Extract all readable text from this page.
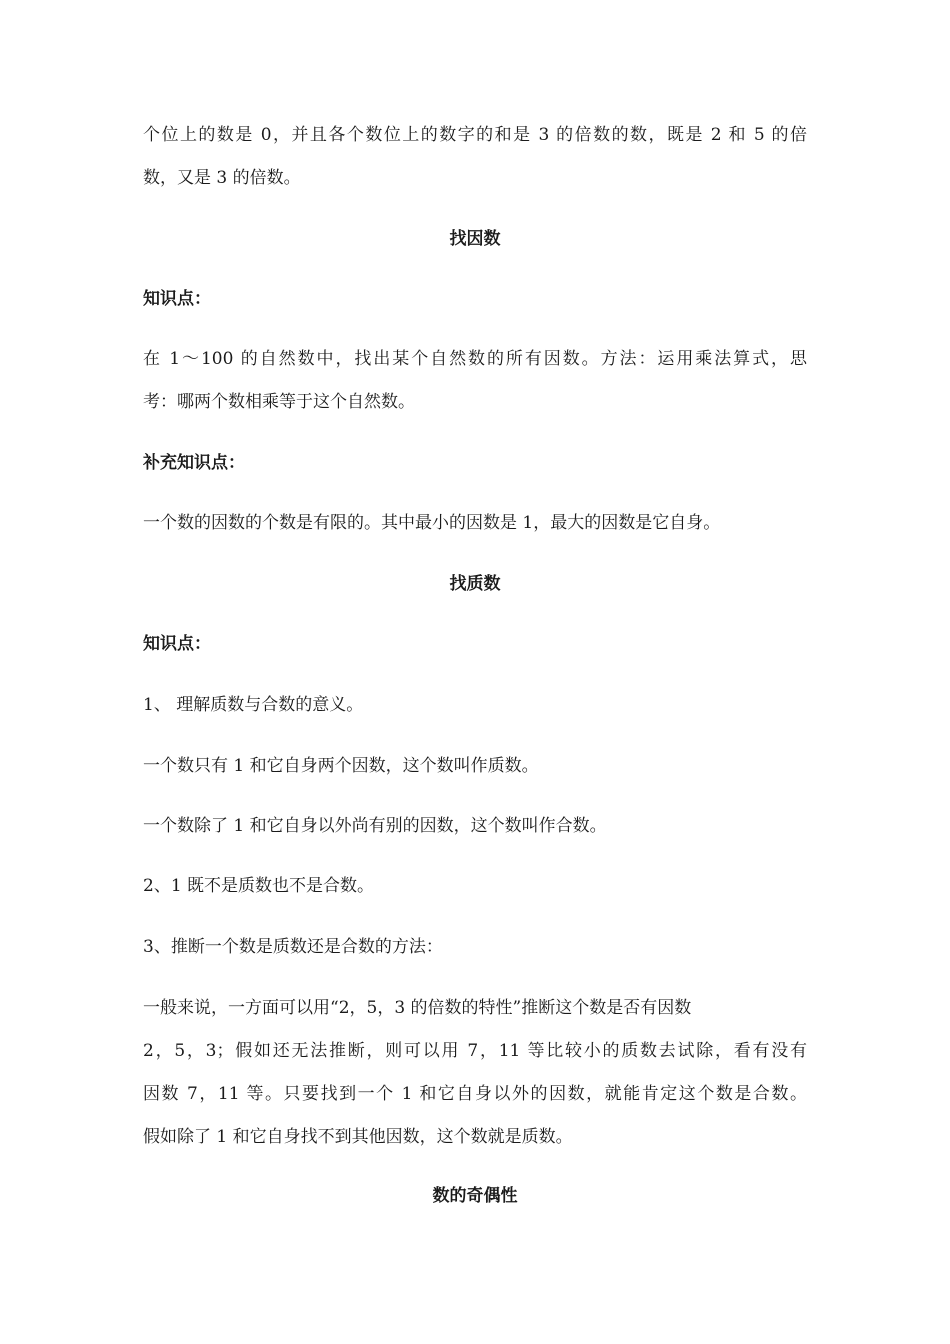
个位上的数是 0，并且各个数位上的数字的和是 3 的倍数的数，既是 2 和 5 的倍
数，又是 3 的倍数。
找因数
知识点：
在 1～100 的自然数中，找出某个自然数的所有因数。方法：运用乘法算式，思
考：哪两个数相乘等于这个自然数。
补充知识点：
一个数的因数的个数是有限的。其中最小的因数是 1，最大的因数是它自身。
找质数
知识点：
1、 理解质数与合数的意义。
一个数只有 1 和它自身两个因数，这个数叫作质数。
一个数除了 1 和它自身以外尚有别的因数，这个数叫作合数。
2、1 既不是质数也不是合数。
3、推断一个数是质数还是合数的方法：
一般来说，一方面可以用“2，5，3 的倍数的特性”推断这个数是否有因数
2，5，3；假如还无法推断，则可以用 7，11 等比较小的质数去试除，看有没有
因数 7，11 等。只要找到一个 1 和它自身以外的因数，就能肯定这个数是合数。
假如除了 1 和它自身找不到其他因数，这个数就是质数。
数的奇偶性
